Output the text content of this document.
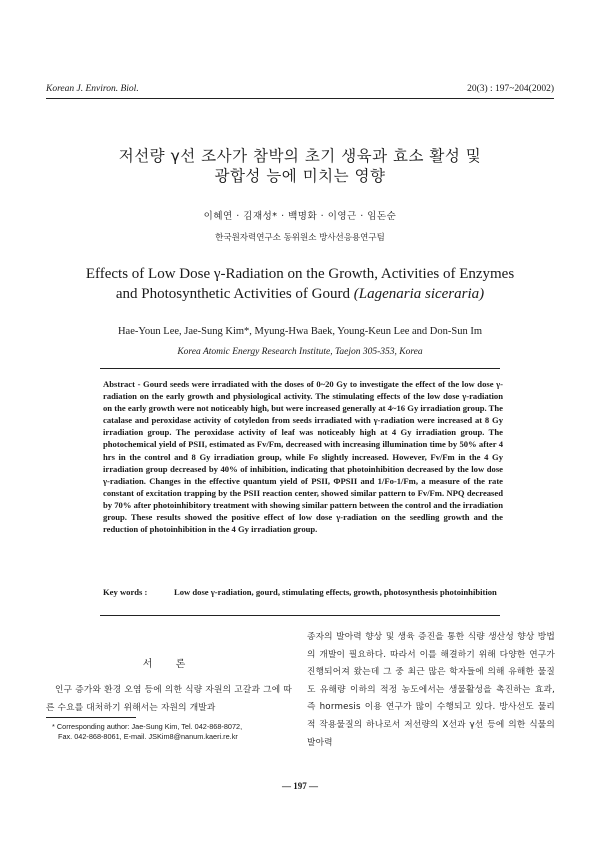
Korean J. Environ. Biol.	20(3) : 197~204(2002)
저선량 γ선 조사가 참박의 초기 생육과 효소 활성 및
광합성 능에 미치는 영향
이혜연 · 김재성* · 백명화 · 이영근 · 임돈순
한국원자력연구소 동위원소 방사선응용연구팀
Effects of Low Dose γ-Radiation on the Growth, Activities of Enzymes
and Photosynthetic Activities of Gourd (Lagenaria siceraria)
Hae-Youn Lee, Jae-Sung Kim*, Myung-Hwa Baek, Young-Keun Lee and Don-Sun Im
Korea Atomic Energy Research Institute, Taejon 305-353, Korea
Abstract - Gourd seeds were irradiated with the doses of 0~20 Gy to investigate the effect of the low dose γ-radiation on the early growth and physiological activity. The stimulating effects of the low dose γ-radiation on the early growth were not noticeably high, but were increased generally at 4~16 Gy irradiation group. The catalase and peroxidase activity of cotyledon from seeds irradiated with γ-radiation were increased at 8 Gy irradiation group. The peroxidase activity of leaf was noticeably high at 4 Gy irradiation group. The photochemical yield of PSII, estimated as Fv/Fm, decreased with increasing illumination time by 50% after 4 hrs in the control and 8 Gy irradiation group, while Fo slightly increased. However, Fv/Fm in the 4 Gy irradiation group decreased by 40% of inhibition, indicating that photoinhibition decreased by the low dose γ-radiation. Changes in the effective quantum yield of PSII, ΦPSII and 1/Fo-1/Fm, a measure of the rate constant of excitation trapping by the PSII reaction center, showed similar pattern to Fv/Fm. NPQ decreased by 70% after photoinhibitory treatment with showing similar pattern between the control and the irradiation group. These results showed the positive effect of low dose γ-radiation on the seedling growth and the reduction of photoinhibition in the 4 Gy irradiation group.
Key words :	Low dose γ-radiation, gourd, stimulating effects, growth, photosynthesis photoinhibition
서 론
인구 증가와 환경 오염 등에 의한 식량 자원의 고갈과 그에 따른 수요를 대처하기 위해서는 자원의 개발과
종자의 발아력 향상 및 생육 증진을 통한 식량 생산성 향상 방법의 개발이 필요하다. 따라서 이를 해결하기 위해 다양한 연구가 진행되어져 왔는데 그 중 최근 많은 학자들에 의해 유해한 물질도 유해량 이하의 적정 농도에서는 생물활성을 촉진하는 효과, 즉 hormesis 이용 연구가 많이 수행되고 있다. 방사선도 물리적 작용물질의 하나로서 저선량의 X선과 γ선 등에 의한 식물의 발아력
* Corresponding author: Jae-Sung Kim, Tel. 042-868-8072,
Fax. 042-868-8061, E-mail. JSKim8@nanum.kaeri.re.kr
— 197 —
